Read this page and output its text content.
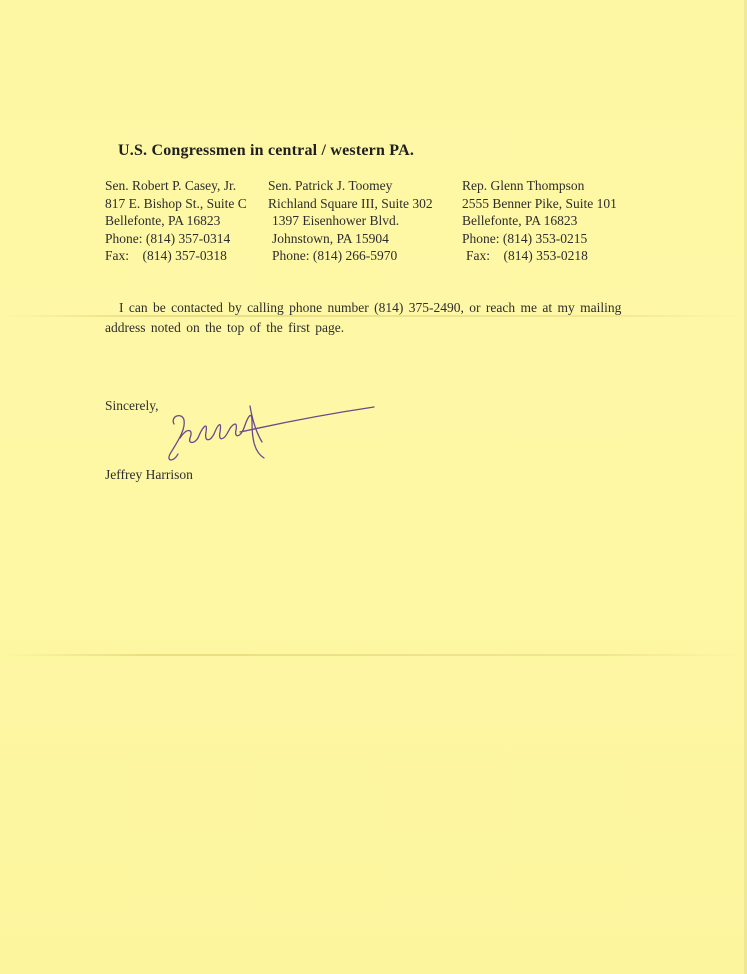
U.S. Congressmen in central / western PA.
Sen. Robert P. Casey, Jr.
817 E. Bishop St., Suite C
Bellefonte, PA 16823
Phone: (814) 357-0314
Fax:    (814) 357-0318
Sen. Patrick J. Toomey
Richland Square III, Suite 302
1397 Eisenhower Blvd.
Johnstown, PA 15904
Phone: (814) 266-5970
Rep. Glenn Thompson
2555 Benner Pike, Suite 101
Bellefonte, PA 16823
Phone: (814) 353-0215
Fax:    (814) 353-0218
I can be contacted by calling phone number (814) 375-2490, or reach me at my mailing address noted on the top of the first page.
Sincerely,
Jeffrey Harrison
